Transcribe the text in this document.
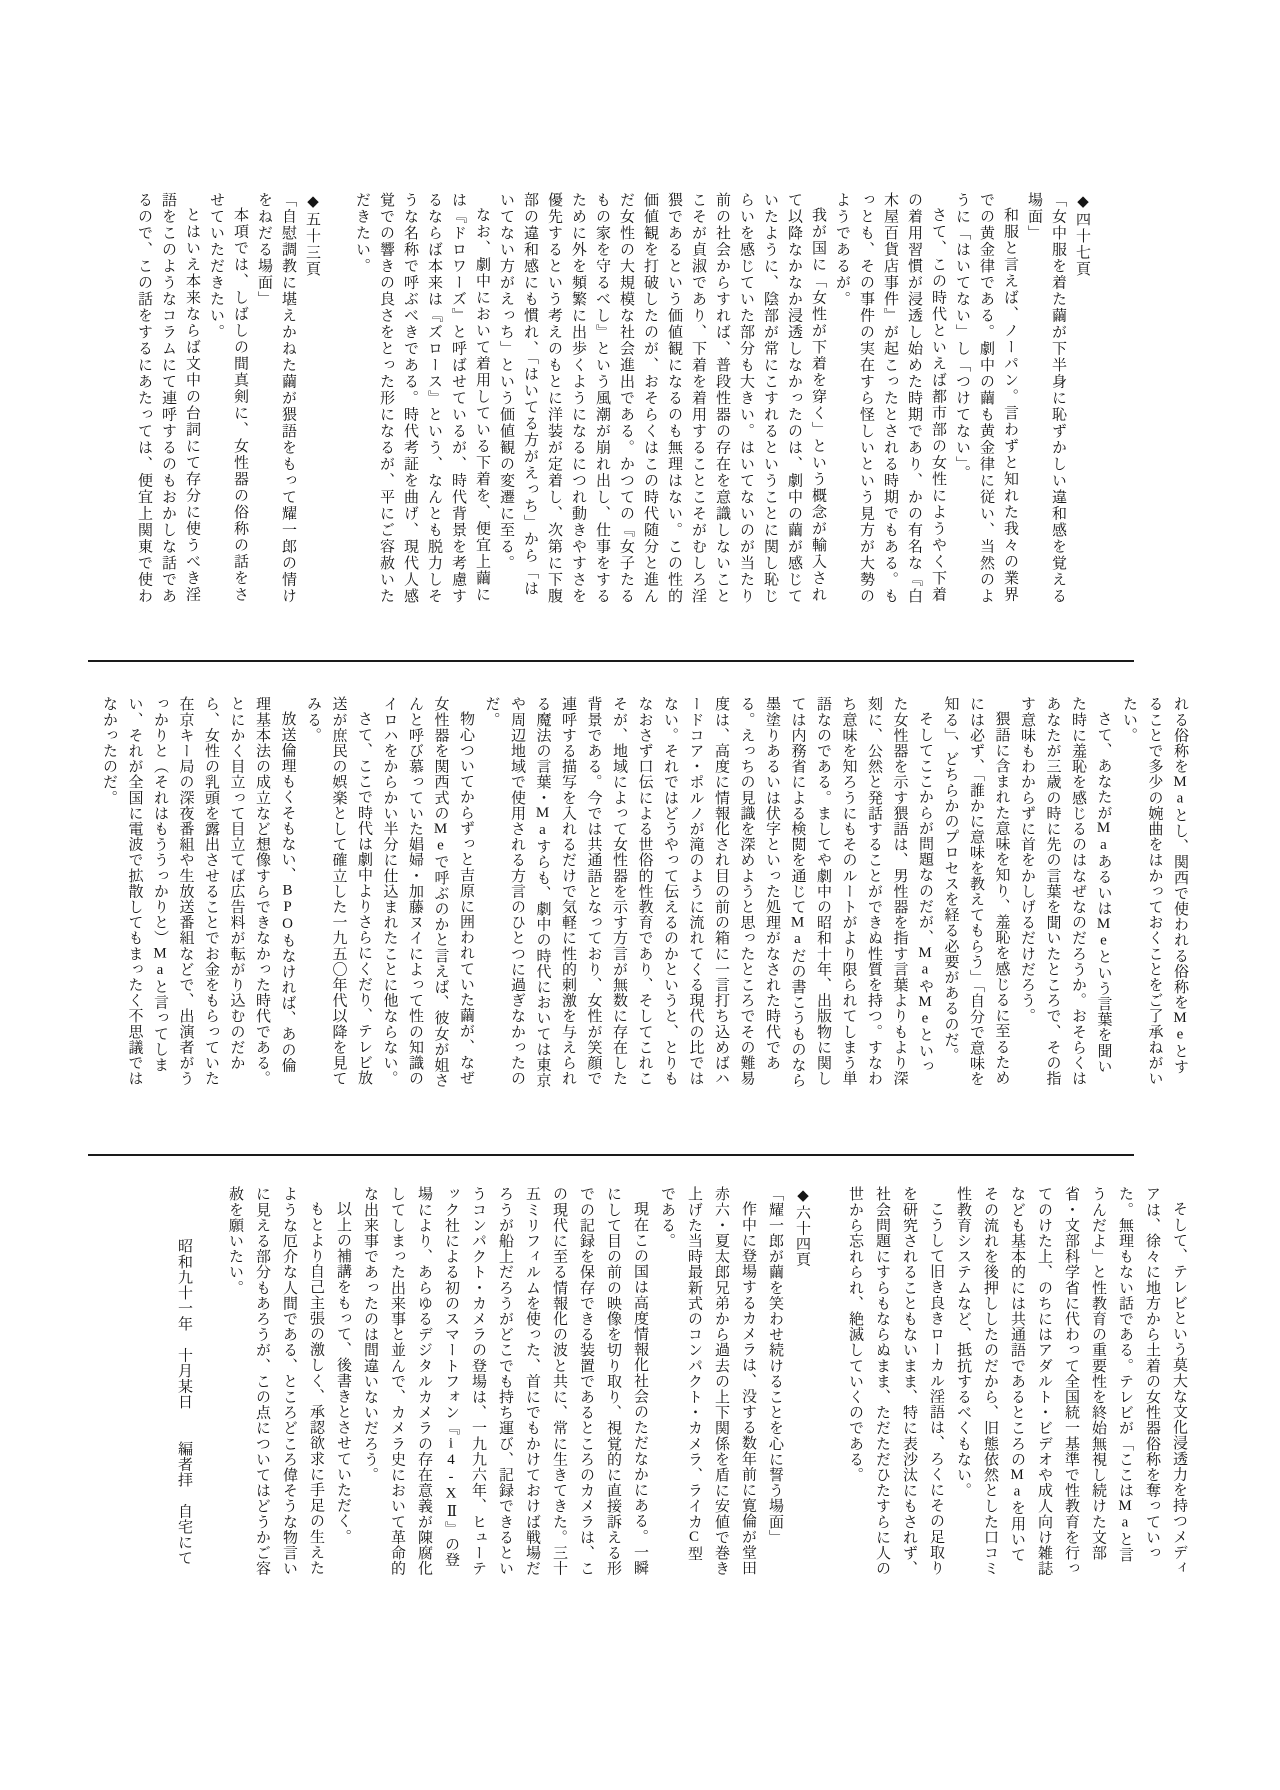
◆四十七頁

「女中服を着た繭が下半身に恥ずかしい違和感を覚える場面」

和服と言えば、ノーパン。言わずと知れた我々の業界での黄金律である。劇中の繭も黄金律に従い、当然のように「はいてない」し「つけてない」。

さて、この時代といえば都市部の女性にようやく下着の着用習慣が浸透し始めた時期であり、かの有名な『白木屋百貨店事件』が起こったとされる時期でもある。もっとも、その事件の実在すら怪しいという見方が大勢のようであるが。

我が国に「女性が下着を穿く」という概念が輸入されて以降なかなか浸透しなかったのは、劇中の繭が感じていたように、陰部が常にこすれるということに関し恥じらいを感じていた部分も大きい。はいてないのが当たり前の社会からすれば、普段性器の存在を意識しないことこそが貞淑であり、下着を着用することこそがむしろ淫猥であるという価値観になるのも無理はない。この性的価値観を打破したのが、おそらくはこの時代随分と進んだ女性の大規模な社会進出である。かつての『女子たるもの家を守るべし』という風潮が崩れ出し、仕事をするために外を頻繁に出歩くようになるにつれ動きやすさを優先するという考えのもとに洋装が定着し、次第に下腹部の違和感にも慣れ、「はいてる方がえっち」から「はいてない方がえっち」という価値観の変遷に至る。

なお、劇中において着用している下着を、便宜上繭には『ドロワーズ』と呼ばせているが、時代背景を考慮するならば本来は『ズロース』という、なんとも脱力しそうな名称で呼ぶべきである。時代考証を曲げ、現代人感覚での響きの良さをとった形になるが、平にご容赦いただきたい。

◆五十三頁

「自慰調教に堪えかねた繭が猥語をもって耀一郎の情けをねだる場面」

本項では、しばしの間真剣に、女性器の俗称の話をさせていただきたい。

とはいえ本来ならば文中の台詞にて存分に使うべき淫語をこのようなコラムにて連呼するのもおかしな話であるので、この話をするにあたっては、便宜上関東で使わ

れる俗称をMaとし、関西で使われる俗称をMeとすることで多少の婉曲をはかっておくことをご了承ねがいたい。

さて、あなたがMaあるいはMeという言葉を聞いた時に羞恥を感じるのはなぜなのだろうか。おそらくはあなたが三歳の時に先の言葉を聞いたところで、その指す意味もわからずに首をかしげるだけだろう。

猥語に含まれた意味を知り、羞恥を感じるに至るためには必ず、「誰かに意味を教えてもらう」「自分で意味を知る」、どちらかのプロセスを経る必要があるのだ。

そしてここからが問題なのだが、MaやMeといった女性器を示す猥語は、男性器を指す言葉よりもより深刻に、公然と発話することができぬ性質を持つ。すなわち意味を知ろうにもそのルートがより限られてしまう単語なのである。ましてや劇中の昭和十年、出版物に関しては内務省による検閲を通じてMaだの書こうものなら墨塗りあるいは伏字といった処理がなされた時代である。えっちの見識を深めようと思ったところでその難易度は、高度に情報化され目の前の箱に一言打ち込めばハードコア・ポルノが滝のように流れてくる現代の比ではない。それではどうやって伝えるのかというと、とりもなおさず口伝による世俗的性教育であり、そしてこれこそが、地域によって女性器を示す方言が無数に存在した背景である。今では共通語となっており、女性が笑顔で連呼する描写を入れるだけで気軽に性的刺激を与えられる魔法の言葉・Maすらも、劇中の時代においては東京や周辺地域で使用される方言のひとつに過ぎなかったのだ。

物心ついてからずっと吉原に囲われていた繭が、なぜ女性器を関西式のMeで呼ぶのかと言えば、彼女が姐さんと呼び慕っていた娼婦・加藤ヌイによって性の知識のイロハをからかい半分に仕込まれたことに他ならない。

さて、ここで時代は劇中よりさらにくだり、テレビ放送が庶民の娯楽として確立した一九五〇年代以降を見てみる。

放送倫理もくそもない、BPOもなければ、あの倫理基本法の成立など想像すらできなかった時代である。とにかく目立って目立てば広告料が転がり込むのだから、女性の乳頭を露出させることでお金をもらっていた在京キー局の深夜番組や生放送番組などで、出演者がうっかりと（それはもううっかりと）Maと言ってしまい、それが全国に電波で拡散してもまったく不思議ではなかったのだ。

そして、テレビという莫大な文化浸透力を持つメディアは、徐々に地方から土着の女性器俗称を奪っていった。無理もない話である。テレビが「ここはMaと言うんだよ」と性教育の重要性を終始無視し続けた文部省・文部科学省に代わって全国統一基準で性教育を行ってのけた上、のちにはアダルト・ビデオや成人向け雑誌なども基本的には共通語であるところのMaを用いてその流れを後押ししたのだから、旧態依然とした口コミ性教育システムなど、抵抗するべくもない。

こうして旧き良きローカル淫語は、ろくにその足取りを研究されることもないまま、特に表沙汰にもされず、社会問題にすらもならぬまま、ただただひたすらに人の世から忘れられ、絶滅していくのである。

◆六十四頁

「耀一郎が繭を笑わせ続けることを心に誓う場面」

作中に登場するカメラは、没する数年前に寛倫が堂田赤六・夏太郎兄弟から過去の上下関係を盾に安値で巻き上げた当時最新式のコンパクト・カメラ、ライカC型である。

現在この国は高度情報化社会のただなかにある。一瞬にして目の前の映像を切り取り、視覚的に直接訴える形での記録を保存できる装置であるところのカメラは、この現代に至る情報化の波と共に、常に生きてきた。三十五ミリフィルムを使った、首にでもかけておけば戦場だろうが船上だろうがどこでも持ち運び、記録できるというコンパクト・カメラの登場は、一九九六年、ヒューテック社による初のスマートフォン『i4-XⅡ』の登場により、あらゆるデジタルカメラの存在意義が陳腐化してしまった出来事と並んで、カメラ史において革命的な出来事であったのは間違いないだろう。

以上の補講をもって、後書きとさせていただく。

もとより自己主張の激しく、承認欲求に手足の生えたような厄介な人間である、ところどころ偉そうな物言いに見える部分もあろうが、この点についてはどうかご容赦を願いたい。

昭和九十一年　十月某日　　編者拝　自宅にて
